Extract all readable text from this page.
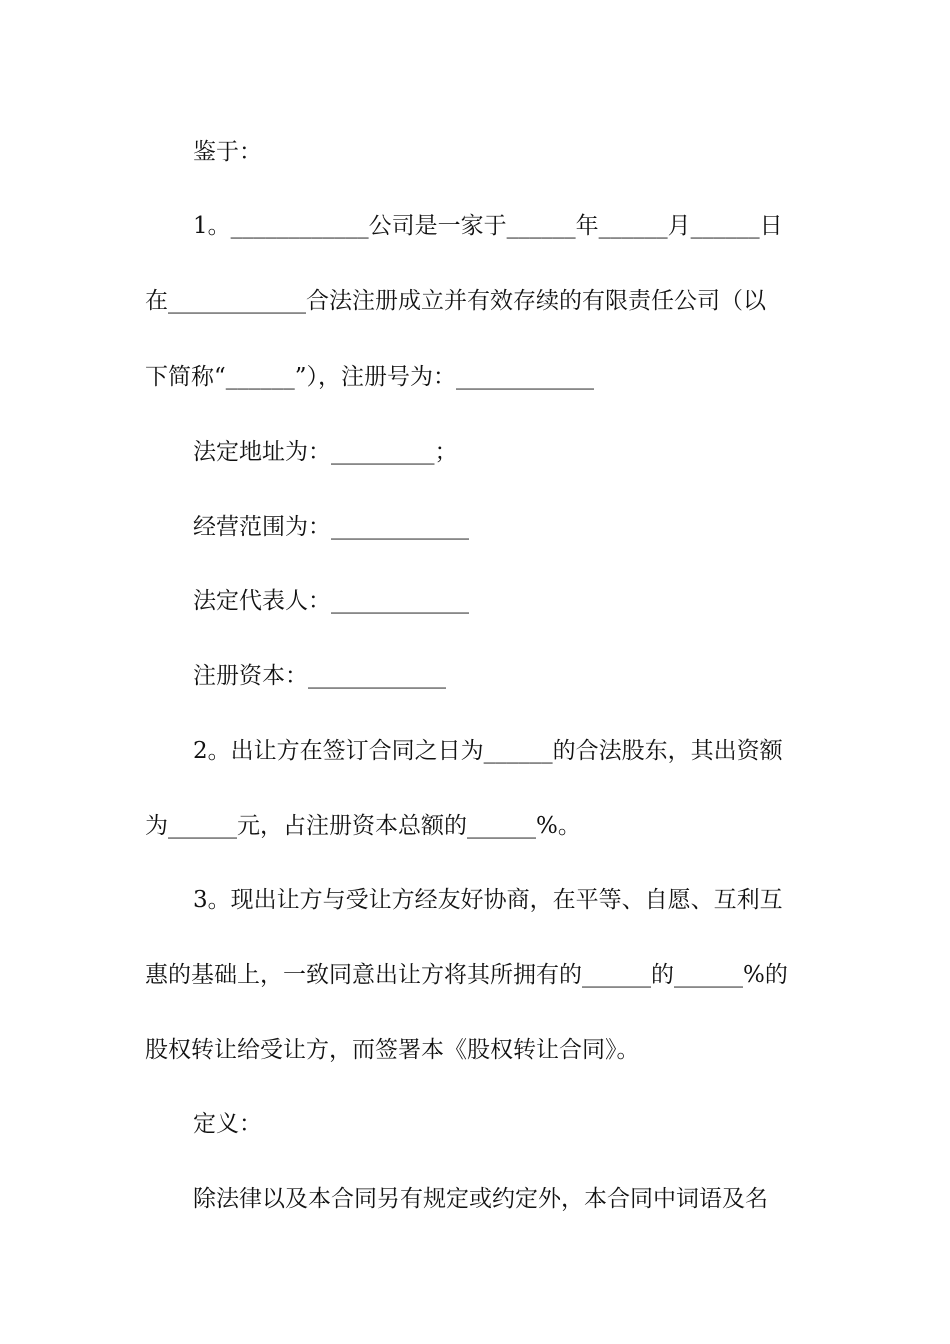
鉴于：
1。____________公司是一家于______年______月______日
在____________合法注册成立并有效存续的有限责任公司（以
下简称“______”），注册号为：____________
法定地址为：_________；
经营范围为：____________
法定代表人：____________
注册资本：____________
2。出让方在签订合同之日为______的合法股东，其出资额
为______元，占注册资本总额的______%。
3。现出让方与受让方经友好协商，在平等、自愿、互利互
惠的基础上，一致同意出让方将其所拥有的______的______%的
股权转让给受让方，而签署本《股权转让合同》。
定义：
除法律以及本合同另有规定或约定外，本合同中词语及名
